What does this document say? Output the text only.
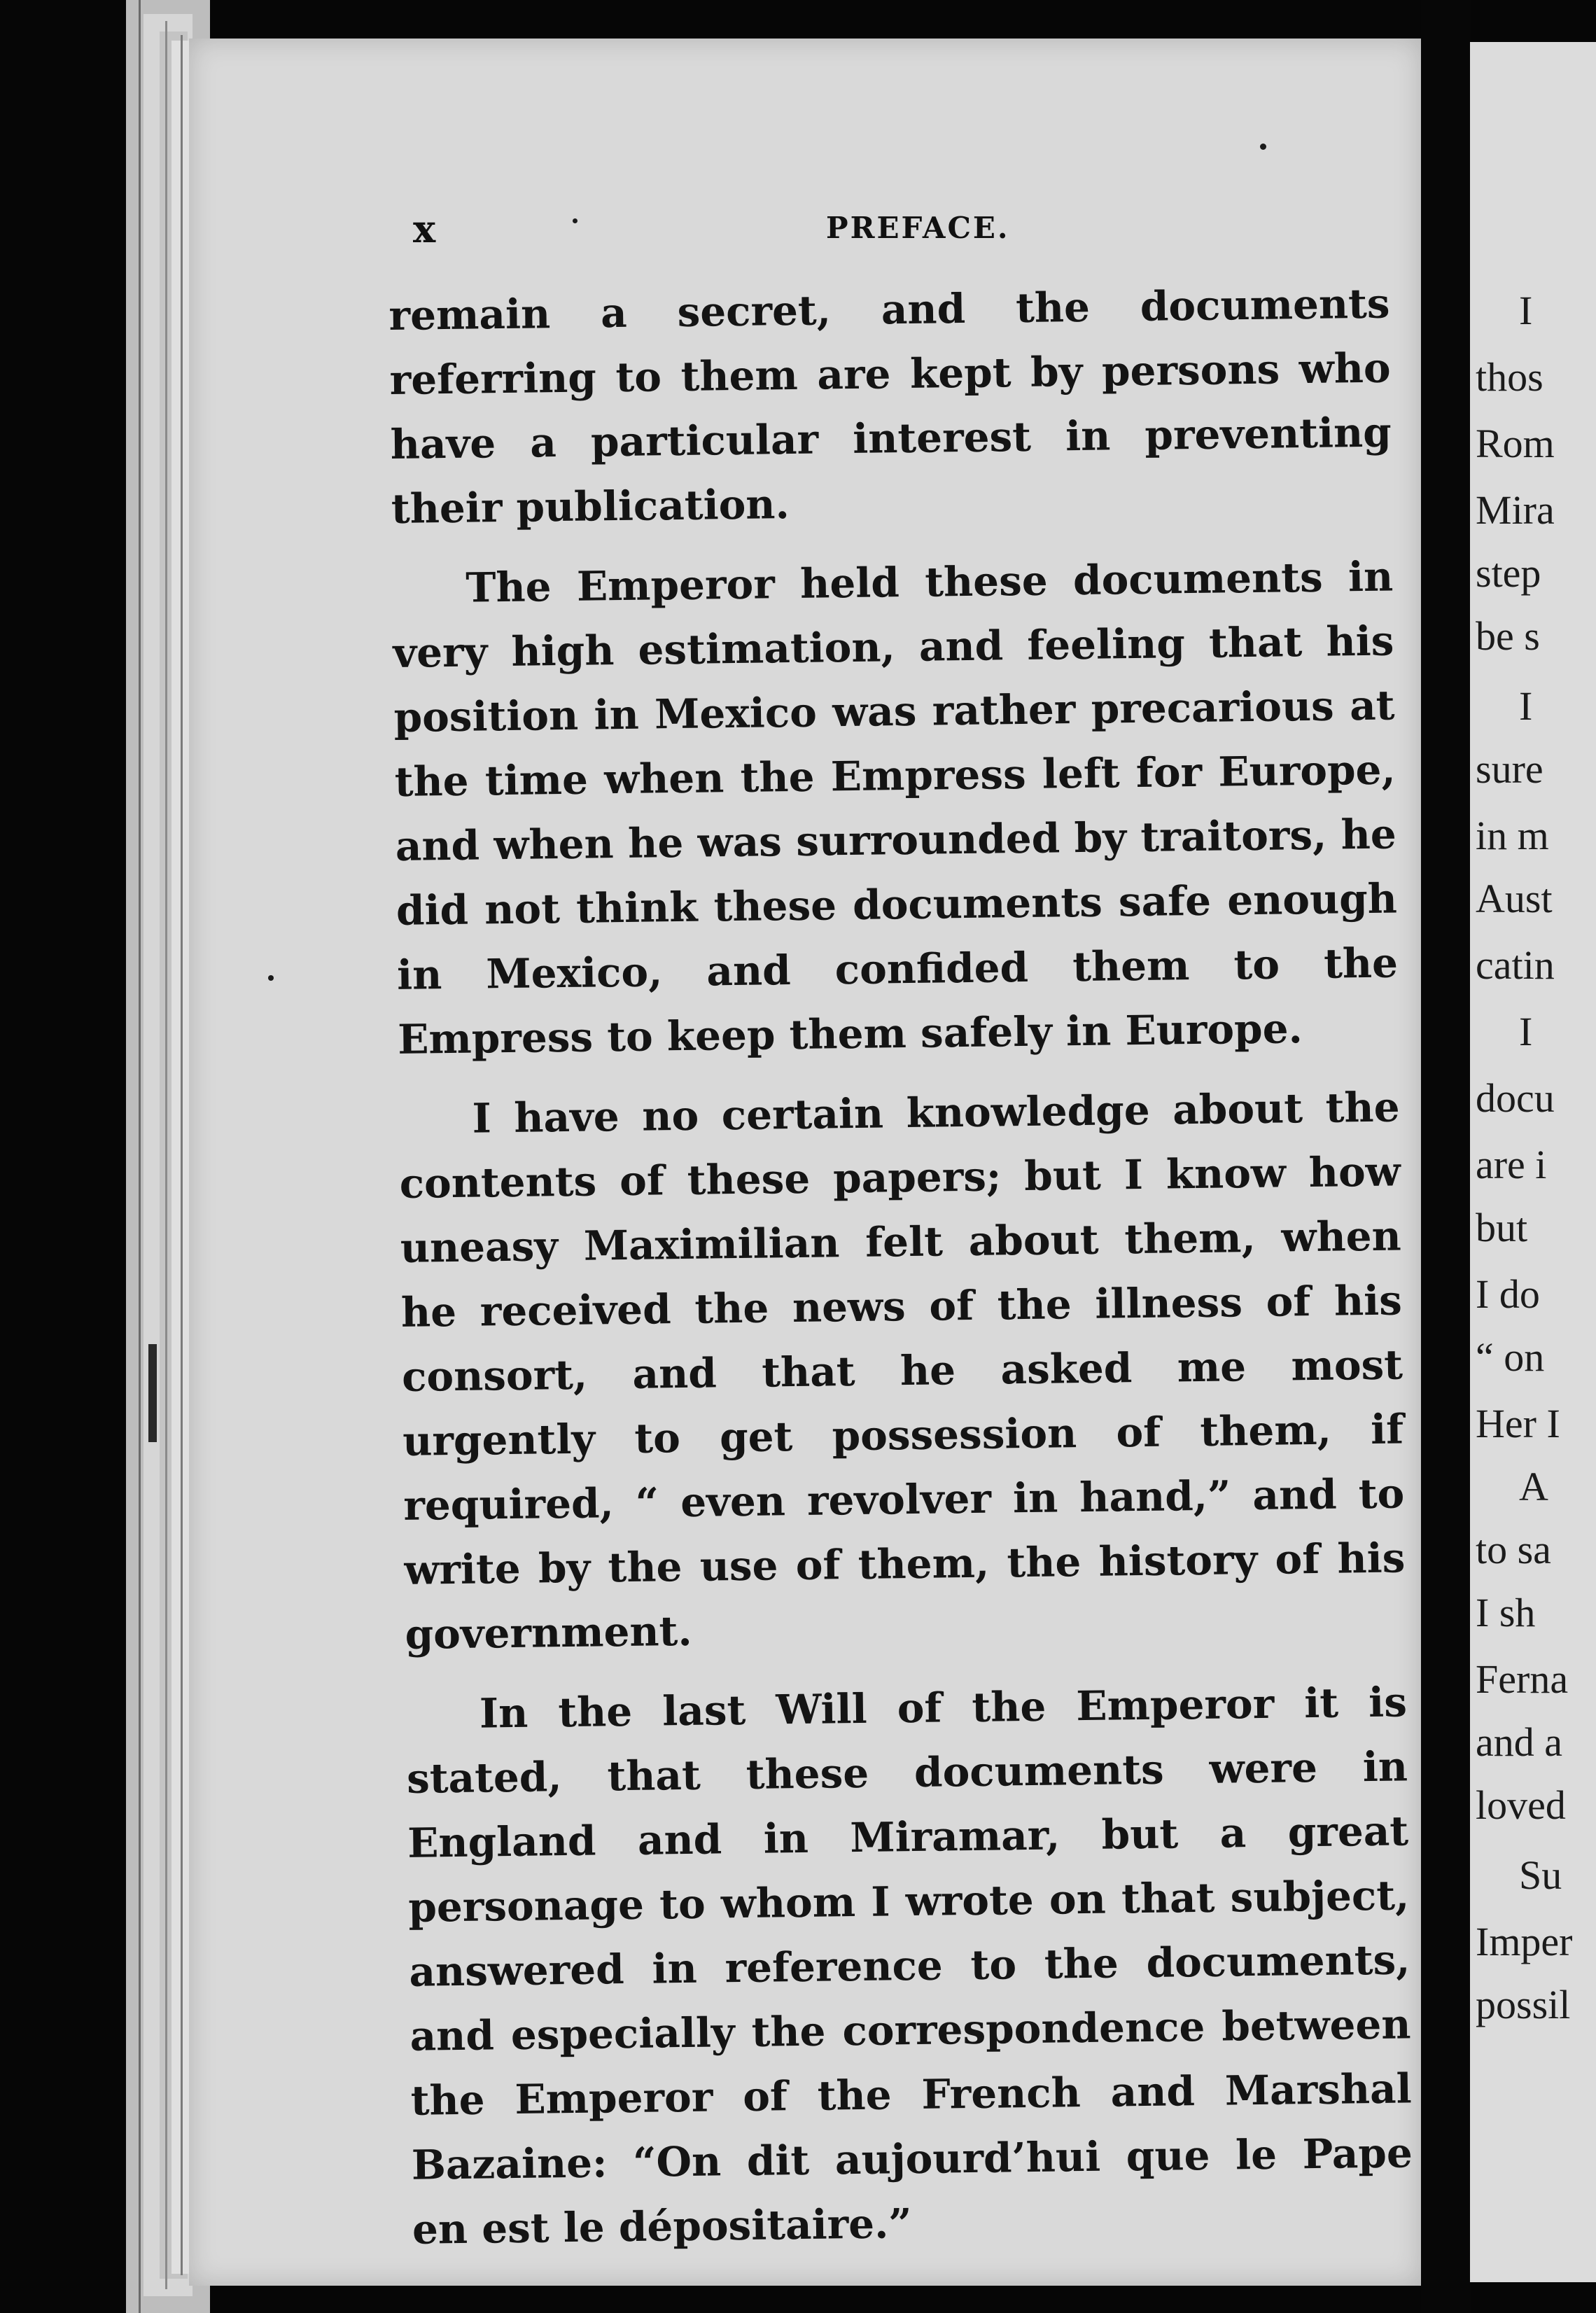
I
thos
Rom
Mira
step
be s
I
sure
in m
Aust
catin
I
docu
are i
but
I do
“ on
Her I
A
to sa
I sh
Ferna
and a
loved
Su
Imper
possil
x	PREFACE.

remain a secret, and the documents referring to them are kept by persons who have a particular interest in preventing their publication.

The Emperor held these documents in very high estimation, and feeling that his position in Mexico was rather precarious at the time when the Empress left for Europe, and when he was surrounded by traitors, he did not think these documents safe enough in Mexico, and confided them to the Empress to keep them safely in Europe.

I have no certain knowledge about the contents of these papers; but I know how uneasy Maximilian felt about them, when he received the news of the illness of his consort, and that he asked me most urgently to get possession of them, if required, “ even revolver in hand,” and to write by the use of them, the history of his government.

In the last Will of the Emperor it is stated, that these documents were in England and in Miramar, but a great personage to whom I wrote on that subject, answered in reference to the documents, and especially the correspondence between the Emperor of the French and Marshal Bazaine: “On dit aujourd’hui que le Pape en est le dépositaire.”
